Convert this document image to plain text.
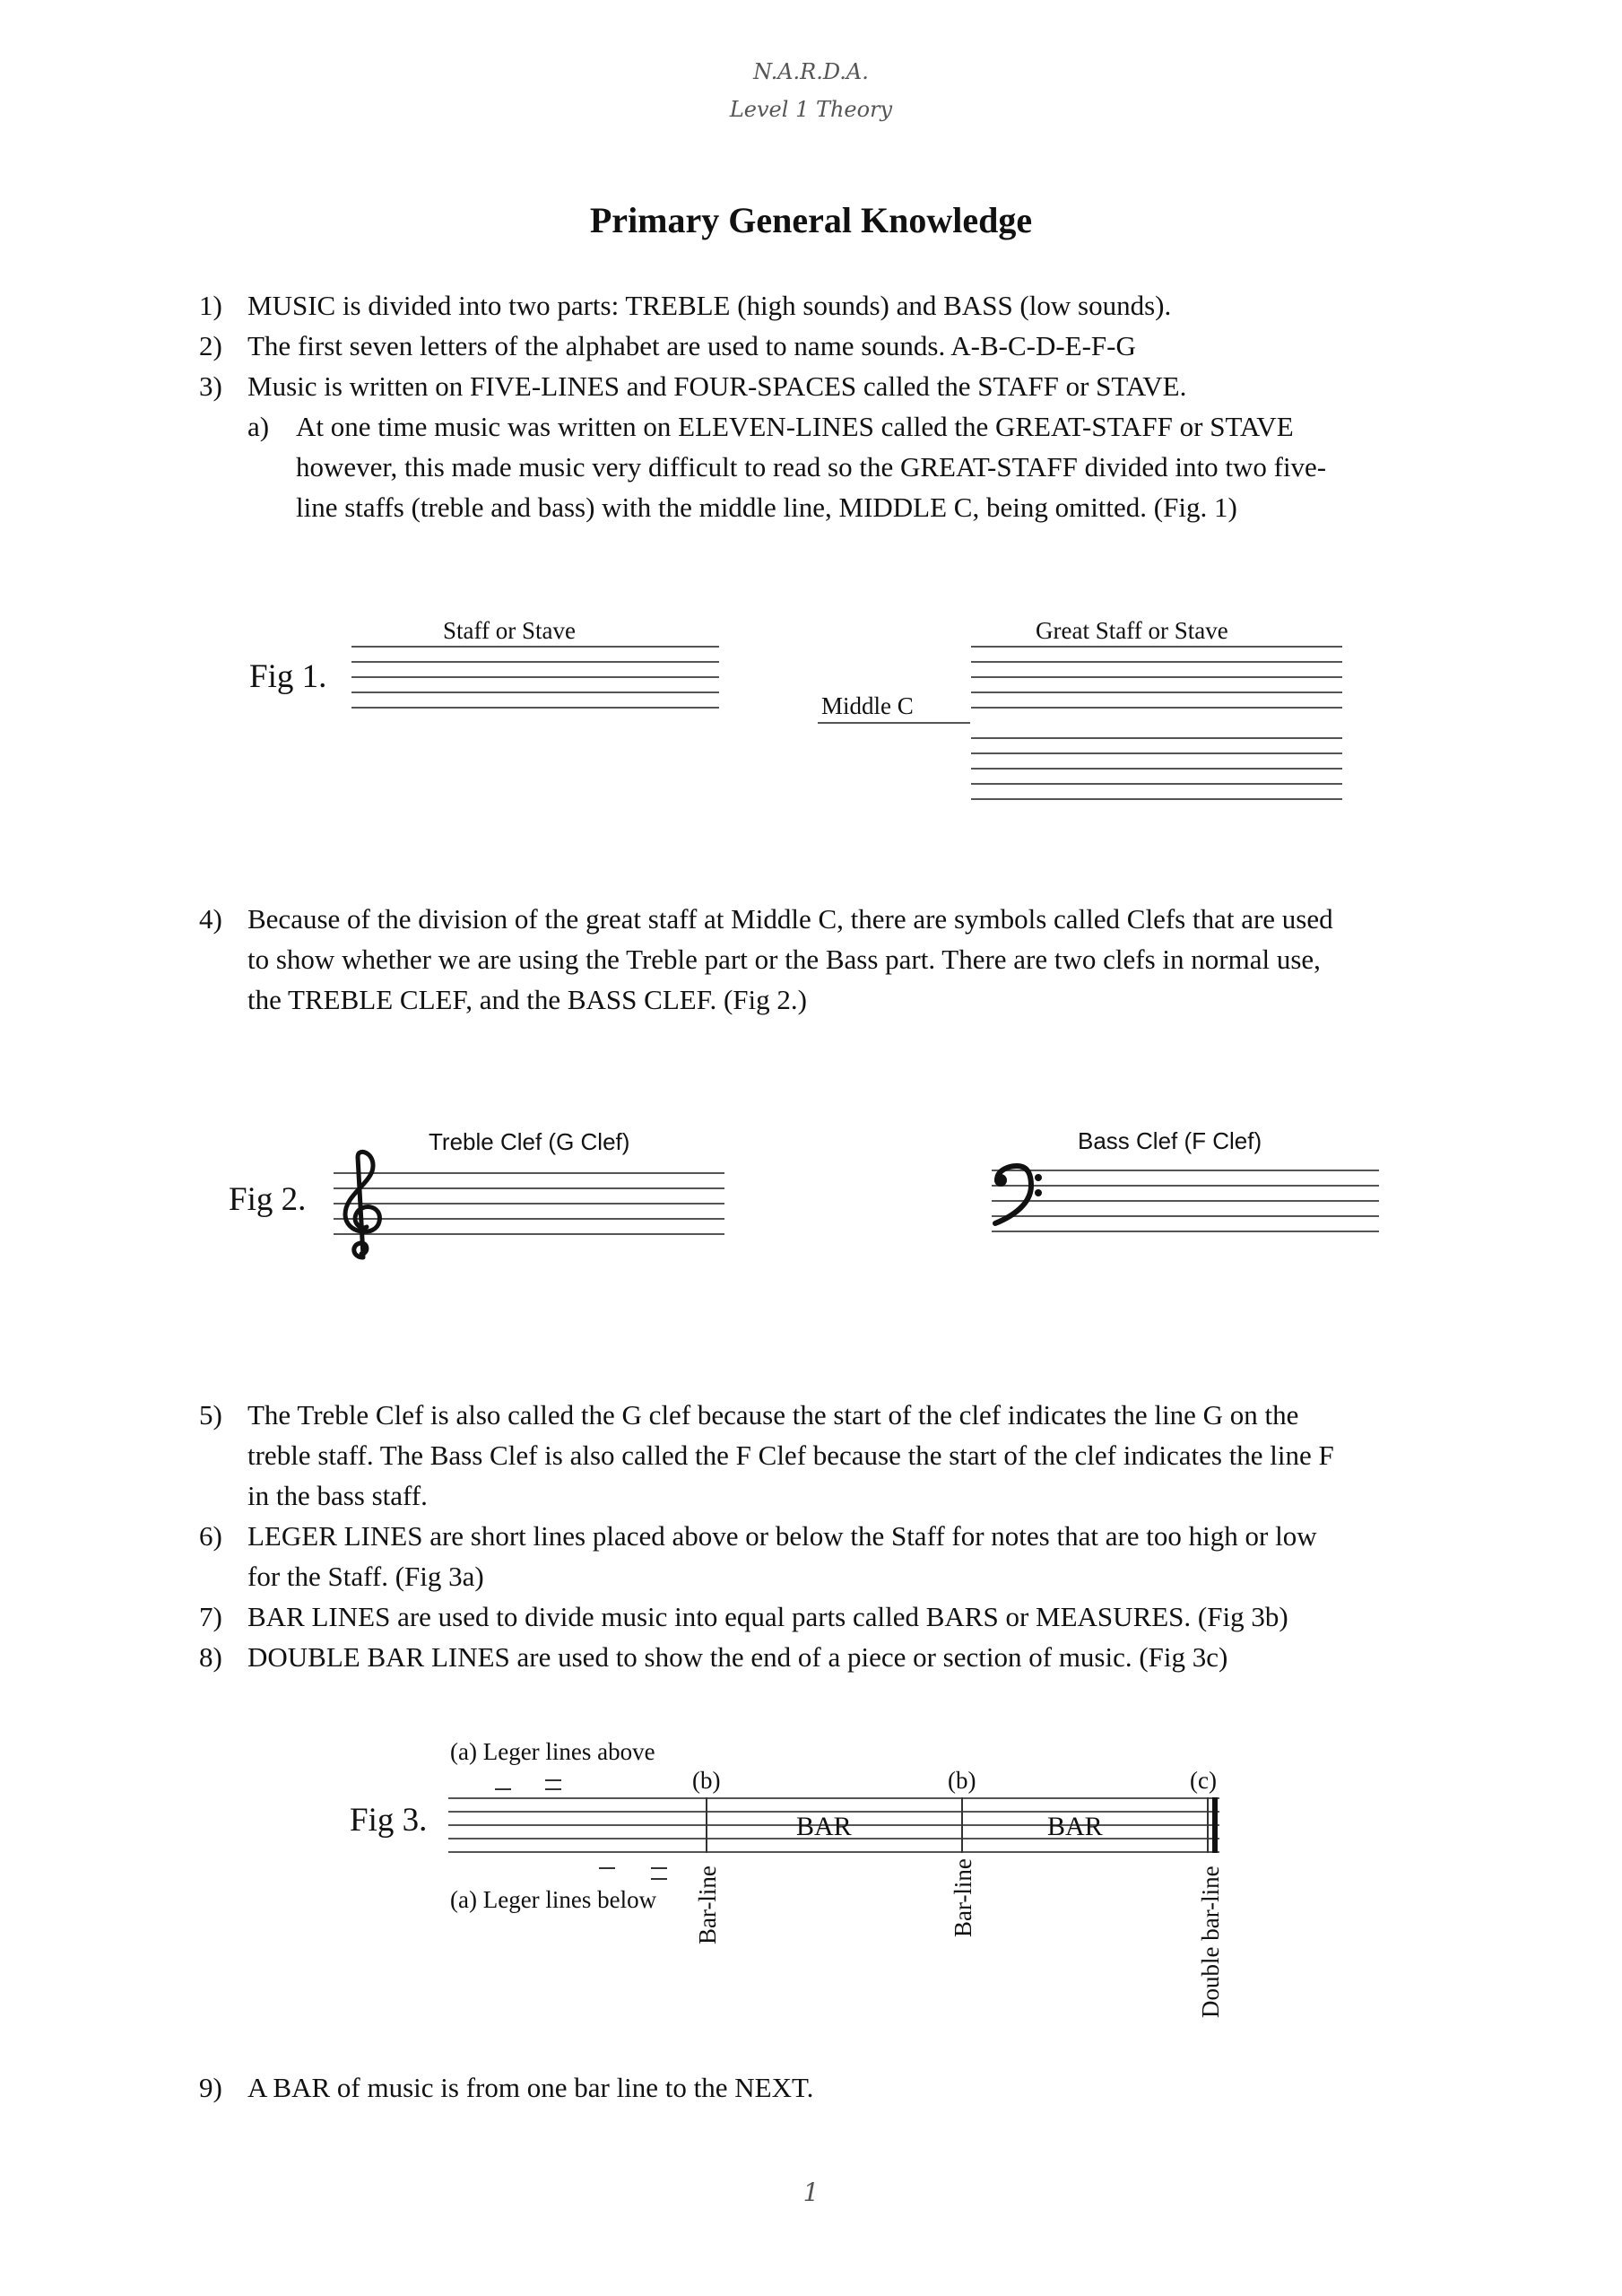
N.A.R.D.A.
Level 1 Theory
Primary General Knowledge
1) MUSIC is divided into two parts: TREBLE (high sounds) and BASS (low sounds).
2) The first seven letters of the alphabet are used to name sounds. A-B-C-D-E-F-G
3) Music is written on FIVE-LINES and FOUR-SPACES called the STAFF or STAVE.
a) At one time music was written on ELEVEN-LINES called the GREAT-STAFF or STAVE
however, this made music very difficult to read so the GREAT-STAFF divided into two five-
line staffs (treble and bass) with the middle line, MIDDLE C, being omitted. (Fig. 1)
Fig 1.
Staff or Stave	Great Staff or Stave
Middle C
4) Because of the division of the great staff at Middle C, there are symbols called Clefs that are used
to show whether we are using the Treble part or the Bass part. There are two clefs in normal use,
the TREBLE CLEF, and the BASS CLEF. (Fig 2.)
Fig 2.
Treble Clef (G Clef)	Bass Clef (F Clef)
5) The Treble Clef is also called the G clef because the start of the clef indicates the line G on the
treble staff. The Bass Clef is also called the F Clef because the start of the clef indicates the line F
in the bass staff.
6) LEGER LINES are short lines placed above or below the Staff for notes that are too high or low
for the Staff. (Fig 3a)
7) BAR LINES are used to divide music into equal parts called BARS or MEASURES. (Fig 3b)
8) DOUBLE BAR LINES are used to show the end of a piece or section of music. (Fig 3c)
Fig 3.
(a) Leger lines above
(b)	(b)	(c)
BAR	BAR
(a) Leger lines below Bar-line	Bar-line	Double bar-line
9) A BAR of music is from one bar line to the NEXT.
1
